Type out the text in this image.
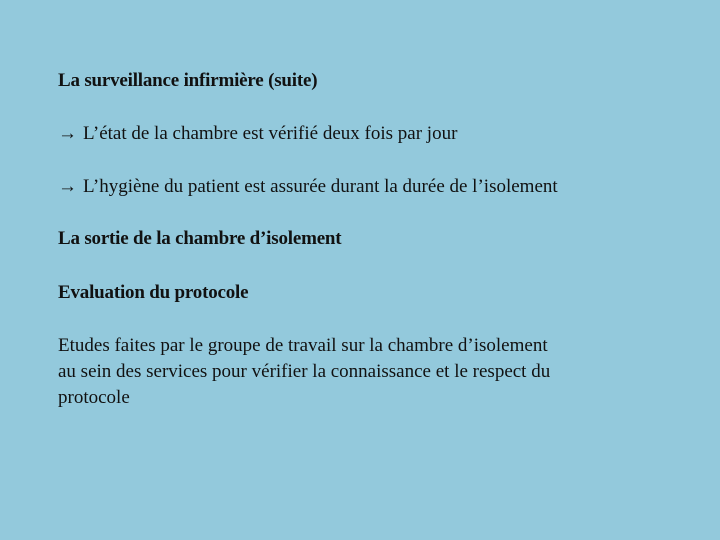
La surveillance infirmière (suite)
→ L’état de la chambre est vérifié deux fois par jour
→ L’hygiène du patient est assurée durant la durée de l’isolement
La sortie de la chambre d’isolement
Evaluation du protocole
Etudes faites par le groupe de travail sur la chambre d’isolement
au sein des services pour vérifier la connaissance et le respect du
protocole
